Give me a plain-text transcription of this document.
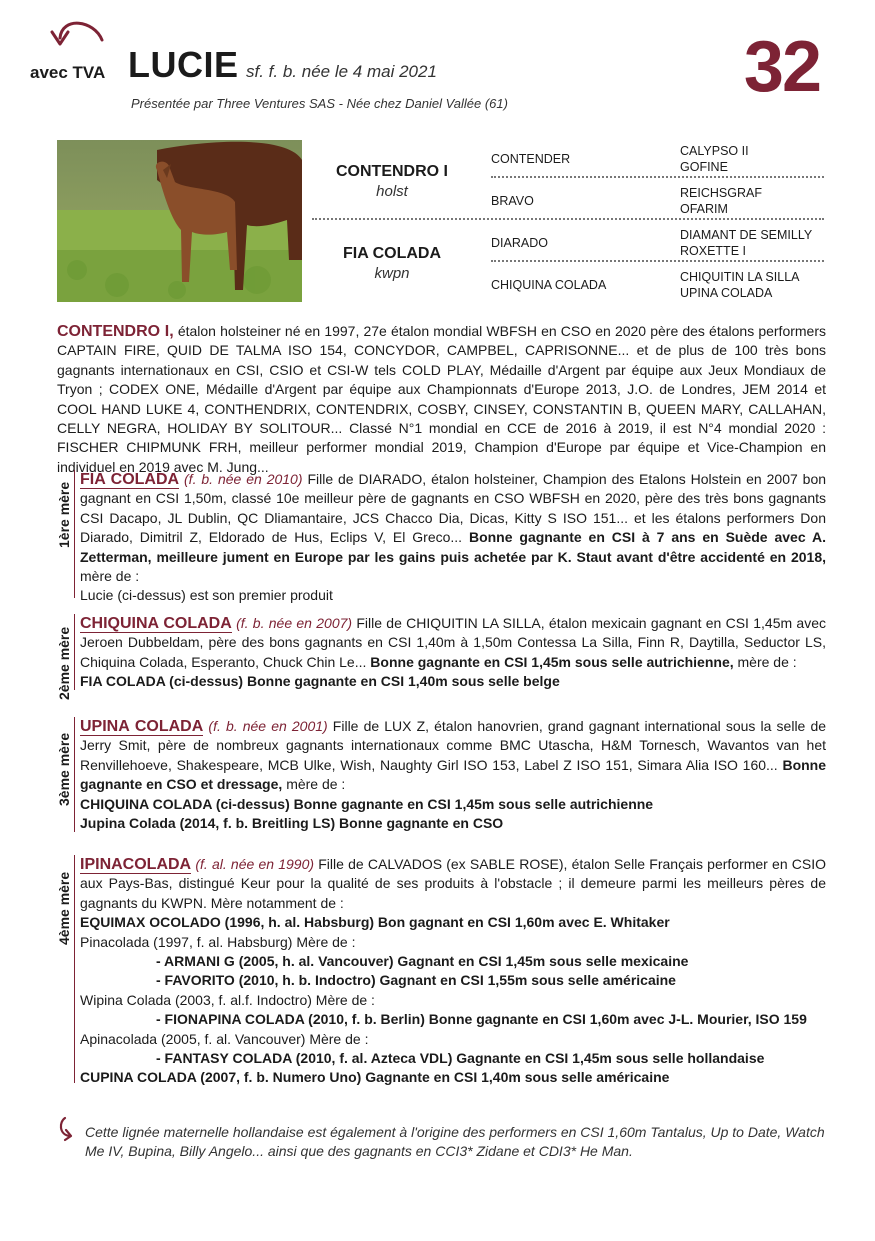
avec TVA LUCIE sf. f. b. née le 4 mai 2021
Présentée par Three Ventures SAS - Née chez Daniel Vallée (61)	32
CONTENDRO I
holst
FIA COLADA
kwpn
CONTENDER
BRAVO
DIARADO
CHIQUINA COLADA
CALYPSO II
GOFINE
REICHSGRAF
OFARIM
DIAMANT DE SEMILLY
ROXETTE I
CHIQUITIN LA SILLA
UPINA COLADA
CONTENDRO I, étalon holsteiner né en 1997, 27e étalon mondial WBFSH en CSO en 2020 père des étalons performers CAPTAIN FIRE, QUID DE TALMA ISO 154, CONCYDOR, CAMPBEL, CAPRISONNE... et de plus de 100 très bons gagnants internationaux en CSI, CSIO et CSI-W tels COLD PLAY, Médaille d'Argent par équipe aux Jeux Mondiaux de Tryon ; CODEX ONE, Médaille d'Argent par équipe aux Championnats d'Europe 2013, J.O. de Londres, JEM 2014 et COOL HAND LUKE 4, CONTHENDRIX, CONTENDRIX, COSBY, CINSEY, CONSTANTIN B, QUEEN MARY, CALLAHAN, CELLY NEGRA, HOLIDAY BY SOLITOUR... Classé N°1 mondial en CCE de 2016 à 2019, il est N°4 mondial 2020 : FISCHER CHIPMUNK FRH, meilleur performer mondial 2019, Champion d'Europe par équipe et Vice-Champion en individuel en 2019 avec M. Jung...
1ère mère
FIA COLADA (f. b. née en 2010) Fille de DIARADO, étalon holsteiner, Champion des Etalons Holstein en 2007 bon gagnant en CSI 1,50m, classé 10e meilleur père de gagnants en CSO WBFSH en 2020, père des très bons gagnants CSI Dacapo, JL Dublin, QC Dliamantaire, JCS Chacco Dia, Dicas, Kitty S ISO 151... et les étalons performers Don Diarado, Dimitril Z, Eldorado de Hus, Eclips V, El Greco... Bonne gagnante en CSI à 7 ans en Suède avec A. Zetterman, meilleure jument en Europe par les gains puis achetée par K. Staut avant d'être accidenté en 2018, mère de :
Lucie (ci-dessus) est son premier produit
2ème mère
CHIQUINA COLADA (f. b. née en 2007) Fille de CHIQUITIN LA SILLA, étalon mexicain gagnant en CSI 1,45m avec Jeroen Dubbeldam, père des bons gagnants en CSI 1,40m à 1,50m Contessa La Silla, Finn R, Daytilla, Seductor LS, Chiquina Colada, Esperanto, Chuck Chin Le... Bonne gagnante en CSI 1,45m sous selle autrichienne, mère de :
FIA COLADA (ci-dessus) Bonne gagnante en CSI 1,40m sous selle belge
3ème mère
UPINA COLADA (f. b. née en 2001) Fille de LUX Z, étalon hanovrien, grand gagnant international sous la selle de Jerry Smit, père de nombreux gagnants internationaux comme BMC Utascha, H&M Tornesch, Wavantos van het Renvillehoeve, Shakespeare, MCB Ulke, Wish, Naughty Girl ISO 153, Label Z ISO 151, Simara Alia ISO 160... Bonne gagnante en CSO et dressage, mère de :
CHIQUINA COLADA (ci-dessus) Bonne gagnante en CSI 1,45m sous selle autrichienne
Jupina Colada (2014, f. b. Breitling LS) Bonne gagnante en CSO
4ème mère
IPINACOLADA (f. al. née en 1990) Fille de CALVADOS (ex SABLE ROSE), étalon Selle Français performer en CSIO aux Pays-Bas, distingué Keur pour la qualité de ses produits à l'obstacle ; il demeure parmi les meilleurs pères de gagnants du KWPN. Mère notamment de :
EQUIMAX OCOLADO (1996, h. al. Habsburg) Bon gagnant en CSI 1,60m avec E. Whitaker
Pinacolada (1997, f. al. Habsburg) Mère de :
- ARMANI G (2005, h. al. Vancouver) Gagnant en CSI 1,45m sous selle mexicaine
- FAVORITO (2010, h. b. Indoctro) Gagnant en CSI 1,55m sous selle américaine
Wipina Colada (2003, f. al.f. Indoctro) Mère de :
- FIONAPINA COLADA (2010, f. b. Berlin) Bonne gagnante en CSI 1,60m avec J-L. Mourier, ISO 159
Apinacolada (2005, f. al. Vancouver) Mère de :
- FANTASY COLADA (2010, f. al. Azteca VDL) Gagnante en CSI 1,45m sous selle hollandaise
CUPINA COLADA (2007, f. b. Numero Uno) Gagnante en CSI 1,40m sous selle américaine
Cette lignée maternelle hollandaise est également à l'origine des performers en CSI 1,60m Tantalus, Up to Date, Watch Me IV, Bupina, Billy Angelo... ainsi que des gagnants en CCI3* Zidane et CDI3* He Man.
